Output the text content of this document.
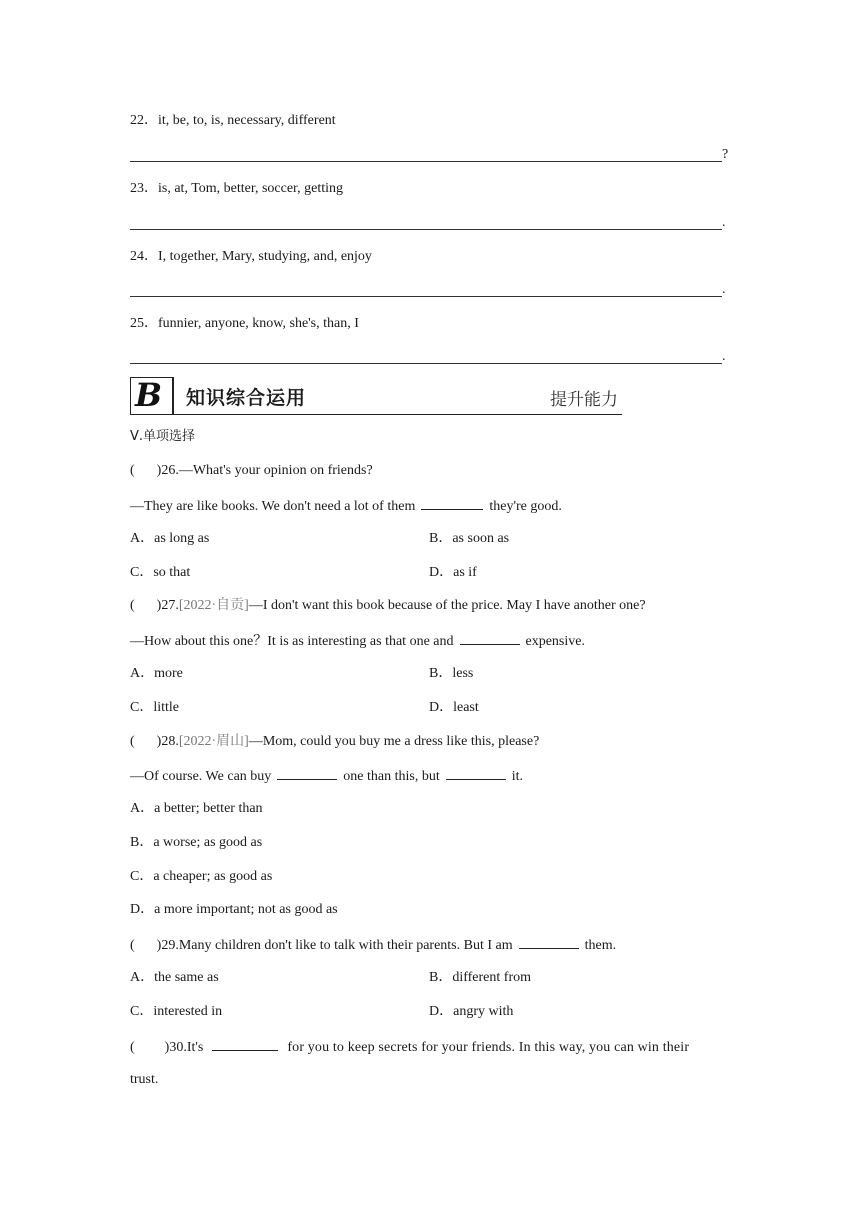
22．it, be, to, is, necessary, different
?
23．is, at, Tom, better, soccer, getting
.
24．I, together, Mary, studying, and, enjoy
.
25．funnier, anyone, know, she's, than, I
.
B 知识综合运用	提升能力
Ⅴ.单项选择
( )26.—What's your opinion on friends?
—They are like books. We don't need a lot of them	they're good.
A．as long as	B．as soon as
C．so that	D．as if
( )27.[2022·自贡]—I don't want this book because of the price. May I have another one?
—How about this one？It is as interesting as that one and	expensive.
A．more	B．less
C．little	D．least
( )28.[2022·眉山]—Mom, could you buy me a dress like this, please?
—Of course. We can buy	one than this, but	it.
A．a better; better than
B．a worse; as good as
C．a cheaper; as good as
D．a more important; not as good as
( )29.Many children don't like to talk with their parents. But I am	them.
A．the same as	B．different from
C．interested in	D．angry with
( )30.It's	for you to keep secrets for your friends. In this way, you can win their
trust.
